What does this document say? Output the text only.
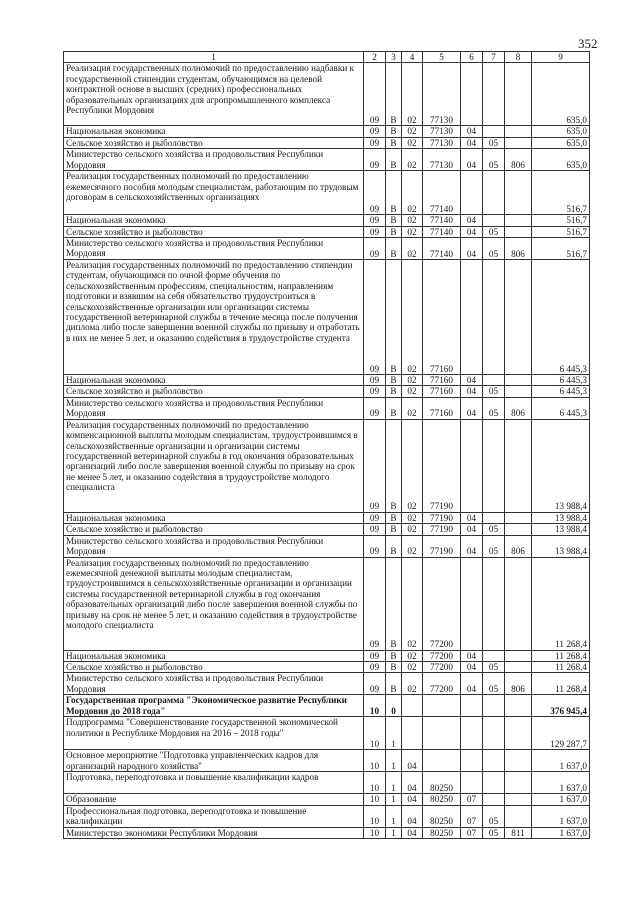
352
1	2	3	4	5	6	7	8	9
Реализация государственных полномочий по предоставлению надбавки к государственной стипендии студентам, обучающимся на целевой контрактной основе в высших (средних) профессиональных образовательных организациях для агропромышленного комплекса Республики Мордовия	09	В	02	77130				635,0
Национальная экономика	09	В	02	77130	04			635,0
Сельское хозяйство и рыболовство	09	В	02	77130	04	05		635,0
Министерство сельского хозяйства и продовольствия Республики Мордовия	09	В	02	77130	04	05	806	635,0
Реализация государственных полномочий по предоставлению ежемесячного пособия молодым специалистам, работающим по трудовым договорам в сельскохозяйственных организациях	09	В	02	77140				516,7
Национальная экономика	09	В	02	77140	04			516,7
Сельское хозяйство и рыболовство	09	В	02	77140	04	05		516,7
Министерство сельского хозяйства и продовольствия Республики Мордовия	09	В	02	77140	04	05	806	516,7
Реализация государственных полномочий по предоставлению стипендии студентам, обучающимся по очной форме обучения по сельскохозяйственным профессиям, специальностям, направлениям подготовки и взявшим на себя обязательство трудоустроиться в сельскохозяйственные организации или организации системы государственной ветеринарной службы в течение месяца после получения диплома либо после завершения военной службы по призыву и отработать в них не менее 5 лет, и оказанию содействия в трудоустройстве студента	09	В	02	77160				6 445,3
Национальная экономика	09	В	02	77160	04			6 445,3
Сельское хозяйство и рыболовство	09	В	02	77160	04	05		6 445,3
Министерство сельского хозяйства и продовольствия Республики Мордовия	09	В	02	77160	04	05	806	6 445,3
Реализация государственных полномочий по предоставлению компенсационной выплаты молодым специалистам, трудоустроившимся в сельскохозяйственные организации и организации системы государственной ветеринарной службы в год окончания образовательных организаций либо после завершения военной службы по призыву на срок не менее 5 лет, и оказанию содействия в трудоустройстве молодого специалиста	09	В	02	77190				13 988,4
Национальная экономика	09	В	02	77190	04			13 988,4
Сельское хозяйство и рыболовство	09	В	02	77190	04	05		13 988,4
Министерство сельского хозяйства и продовольствия Республики Мордовия	09	В	02	77190	04	05	806	13 988,4
Реализация государственных полномочий по предоставлению ежемесячной денежной выплаты молодым специалистам, трудоустроившимся в сельскохозяйственные организации и организации системы государственной ветеринарной службы в год окончания образовательных организаций либо после завершения военной службы по призыву на срок не менее 5 лет, и оказанию содействия в трудоустройстве молодого специалиста	09	В	02	77200				11 268,4
Национальная экономика	09	В	02	77200	04			11 268,4
Сельское хозяйство и рыболовство	09	В	02	77200	04	05		11 268,4
Министерство сельского хозяйства и продовольствия Республики Мордовия	09	В	02	77200	04	05	806	11 268,4
Государственная программа "Экономическое развитие Республики Мордовия до 2018 года"	10	0						376 945,4
Подпрограмма "Совершенствование государственной экономической политики в Республике Мордовия на 2016 – 2018 годы"	10	1						129 287,7
Основное мероприятие "Подготовка управленческих кадров для организаций народного хозяйства"	10	1	04					1 637,0
Подготовка, переподготовка и повышение квалификации кадров	10	1	04	80250				1 637,0
Образование	10	1	04	80250	07			1 637,0
Профессиональная подготовка, переподготовка и повышение квалификации	10	1	04	80250	07	05		1 637,0
Министерство экономики Республики Мордовия	10	1	04	80250	07	05	811	1 637,0
